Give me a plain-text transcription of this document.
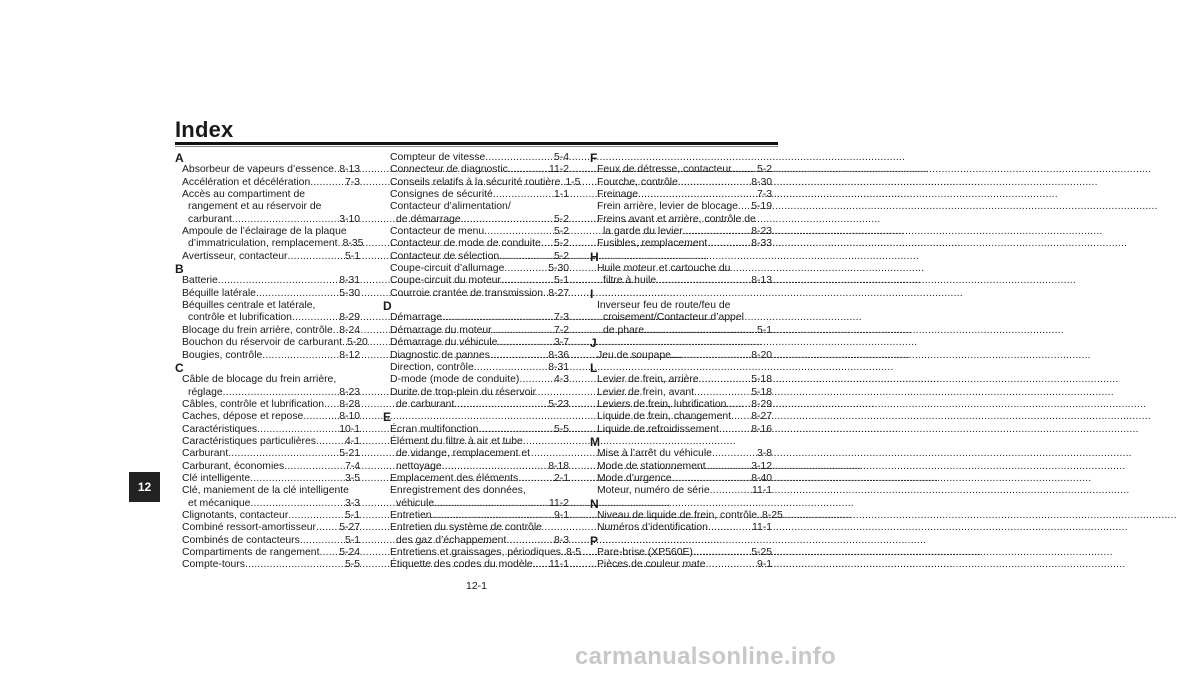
Index
12
A
Absorbeur de vapeurs d’essence ..... 8-13
Accélération et décélération .....	7-3
Accès au compartiment de
rangement et au réservoir de
carburant .....	3-10
Ampoule de l’éclairage de la plaque
d’immatriculation, remplacement ..... 8-35
Avertisseur, contacteur .....	5-1
B
Batterie .....	8-31
Béquille latérale .....	5-30
Béquilles centrale et latérale,
contrôle et lubrification .....	8-29
Blocage du frein arrière, contrôle ..... 8-24
Bouchon du réservoir de carburant ..... 5-20
Bougies, contrôle .....	8-12
C
Câble de blocage du frein arrière,
réglage .....	8-23
Câbles, contrôle et lubrification ..... 8-28
Caches, dépose et repose .....	8-10
Caractéristiques .....	10-1
Caractéristiques particulières .....	4-1
Carburant .....	5-21
Carburant, économies .....	7-4
Clé intelligente .....	3-5
Clé, maniement de la clé intelligente
et mécanique .....	3-3
Clignotants, contacteur .....	5-1
Combiné ressort-amortisseur ..... 5-27
Combinés de contacteurs .....	5-1
Compartiments de rangement ..... 5-24
Compte-tours .....	5-5
Compteur de vitesse .....	5-4
Connecteur de diagnostic .....	11-2
Conseils relatifs à la sécurité routière ..... 1-5
Consignes de sécurité .....	1-1
Contacteur d’alimentation/
de démarrage .....	5-2
Contacteur de menu .....	5-2
Contacteur de mode de conduite ..... 5-2
Contacteur de sélection .....	5-2
Coupe-circuit d’allumage .....	5-30
Coupe-circuit du moteur .....	5-1
Courroie crantée de transmission ..... 8-27
D
Démarrage .....	7-3
Démarrage du moteur .....	7-2
Démarrage du véhicule .....	3-7
Diagnostic de pannes .....	8-36
Direction, contrôle .....	8-31
D-mode (mode de conduite) .....	4-3
Durite de trop-plein du réservoir
de carburant .....	5-23
E
Écran multifonction .....	5-5
Élément du filtre à air et tube
de vidange, remplacement et
nettoyage .....	8-18
Emplacement des éléments .....	2-1
Enregistrement des données,
véhicule .....	11-2
Entretien .....	9-1
Entretien du système de contrôle
des gaz d’échappement .....	8-3
Entretiens et graissages, périodiques ..... 8-5
Étiquette des codes du modèle ..... 11-1
F
Feux de détresse, contacteur ..... 5-2
Fourche, contrôle .....	8-30
Freinage .....	7-3
Frein arrière, levier de blocage ..... 5-19
Freins avant et arrière, contrôle de
la garde du levier .....	8-23
Fusibles, remplacement .....	8-33
H
Huile moteur et cartouche du
filtre à huile .....	8-13
I
Inverseur feu de route/feu de
croisement/Contacteur d’appel
de phare .....	5-1
J
Jeu de soupape .....	8-20
L
Levier de frein, arrière .....	5-18
Levier de frein, avant .....	5-18
Leviers de frein, lubrification ..... 8-29
Liquide de frein, changement ..... 8-27
Liquide de refroidissement .....	8-16
M
Mise à l’arrêt du véhicule .....	3-8
Mode de stationnement .....	3-12
Mode d’urgence .....	8-40
Moteur, numéro de série .....	11-1
N
Niveau de liquide de frein, contrôle ..... 8-25
Numéros d’identification .....	11-1
P
Pare-brise (XP560E) .....	5-25
Pièces de couleur mate .....	9-1
12-1
carmanualsonline.info
